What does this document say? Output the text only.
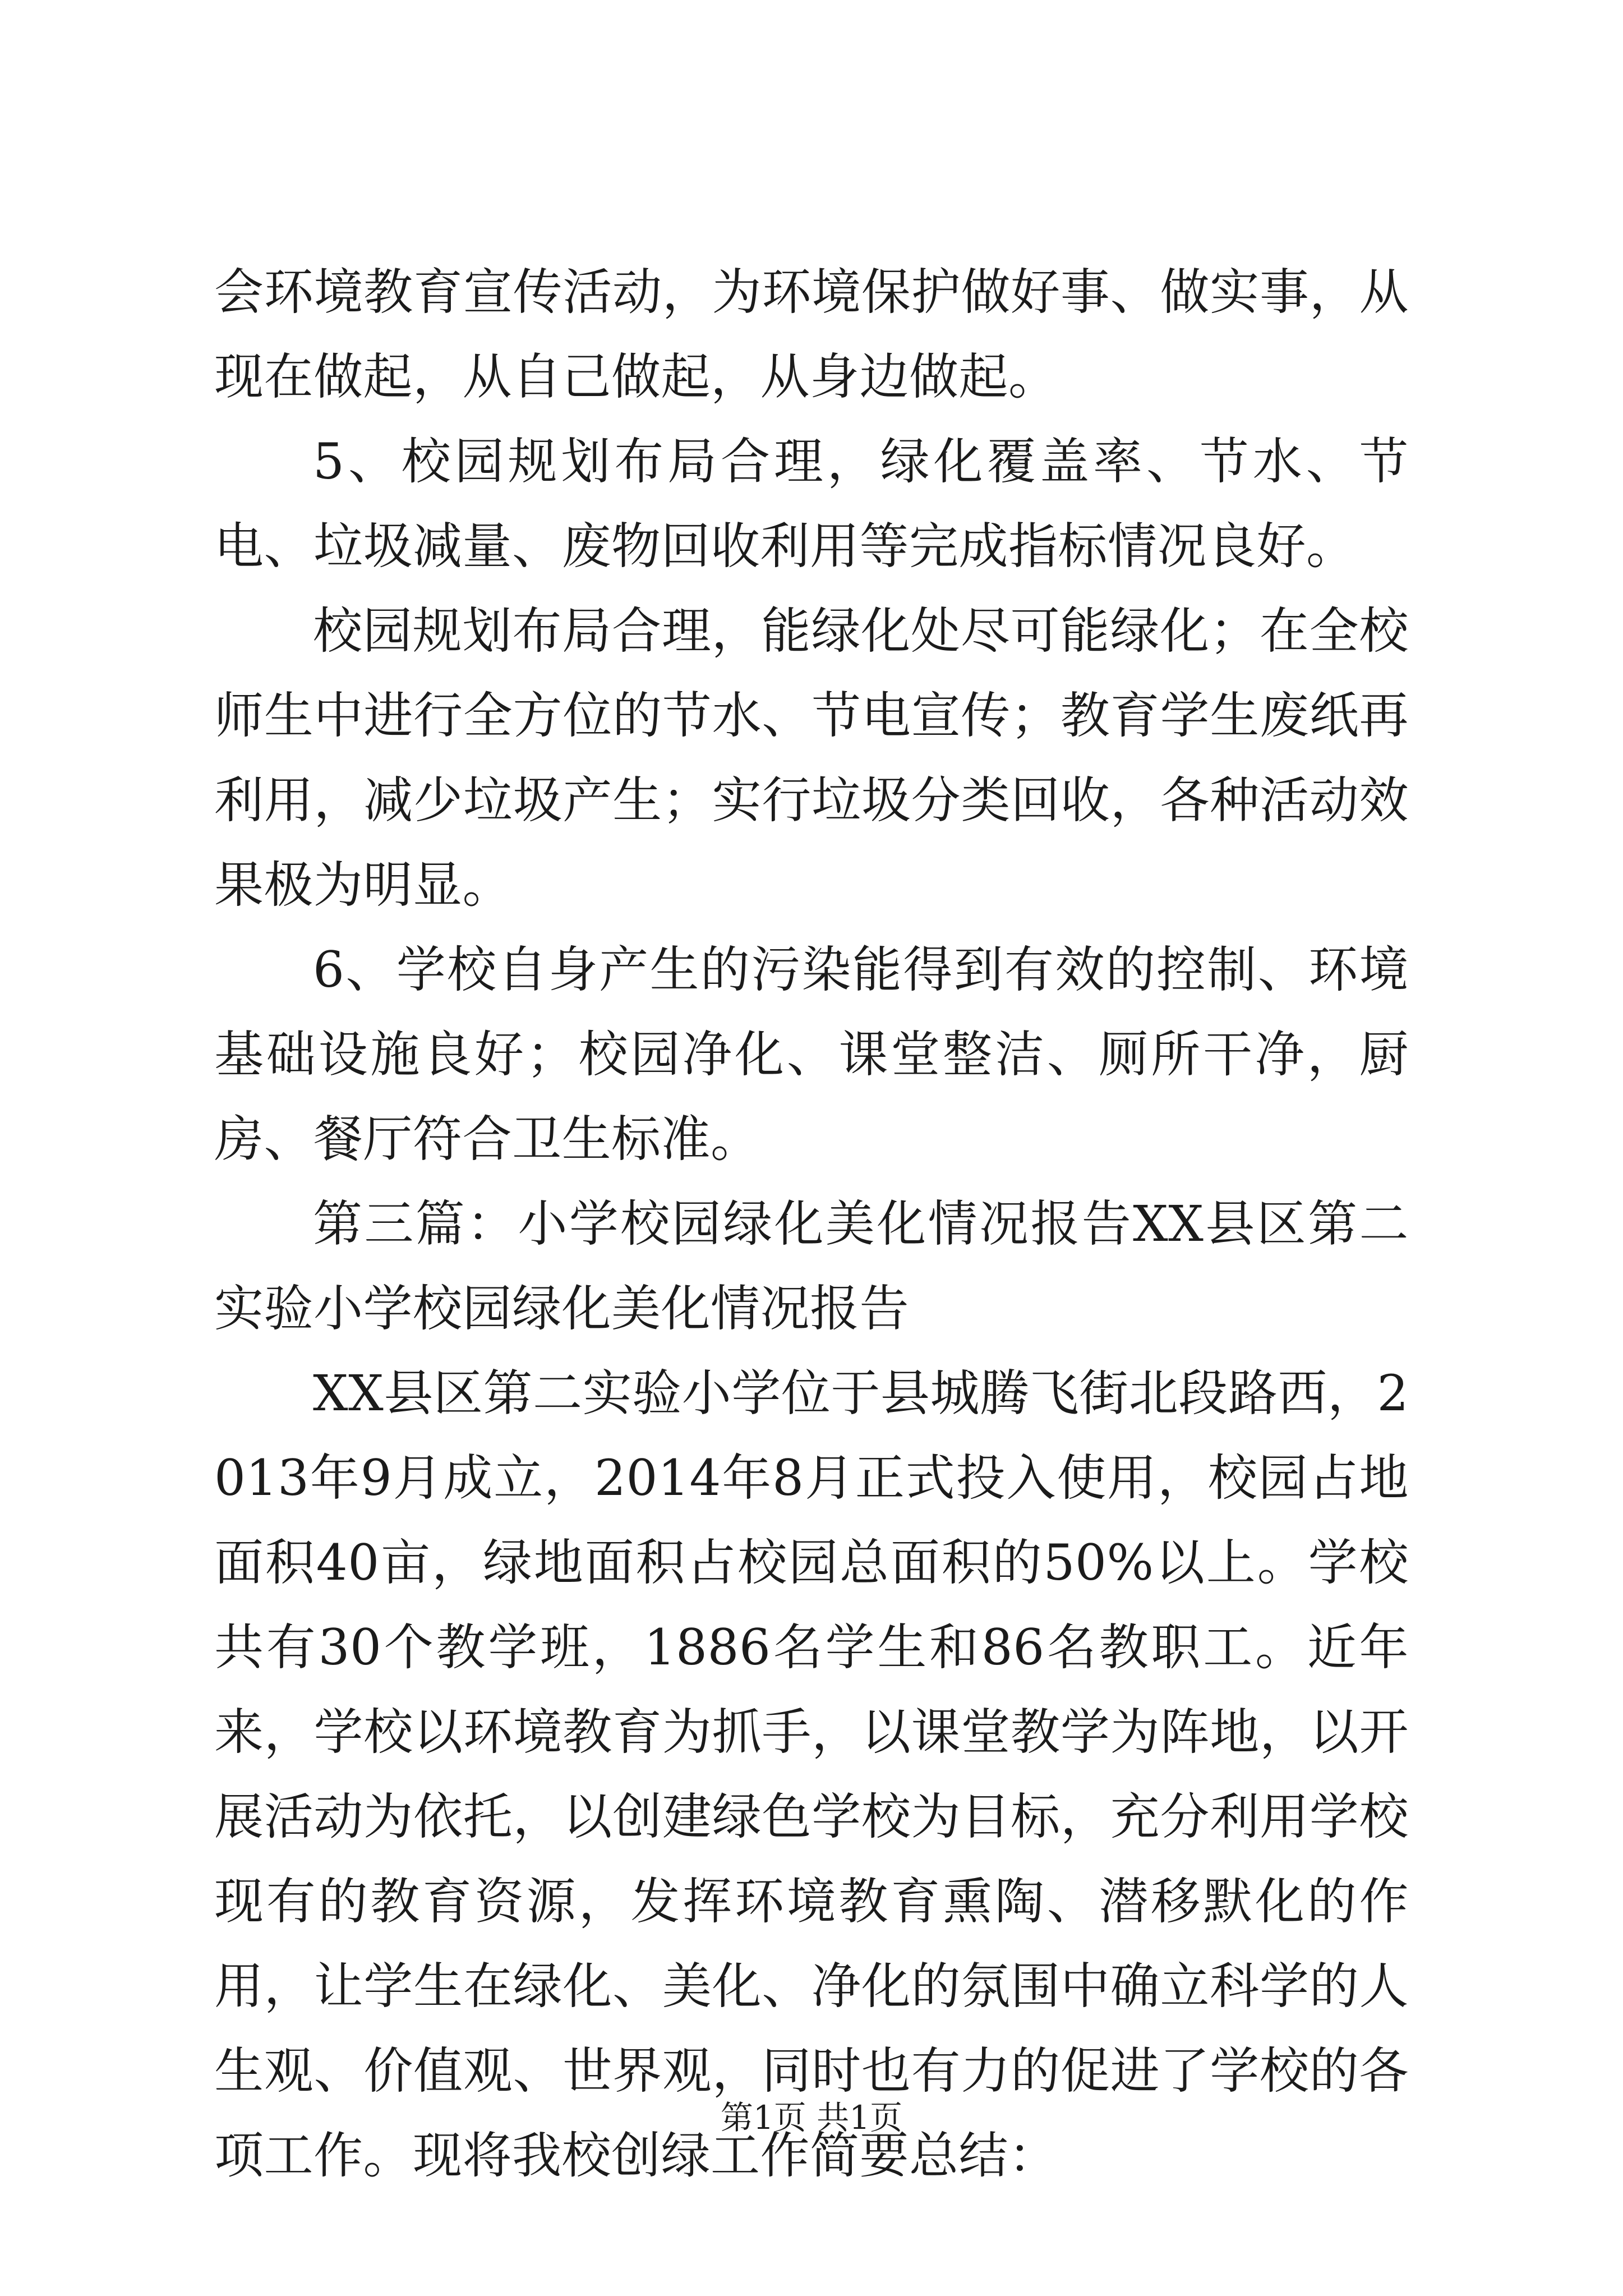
会环境教育宣传活动，为环境保护做好事、做实事，从现在做起，从自己做起，从身边做起。

5、校园规划布局合理，绿化覆盖率、节水、节电、垃圾减量、废物回收利用等完成指标情况良好。

校园规划布局合理，能绿化处尽可能绿化；在全校师生中进行全方位的节水、节电宣传；教育学生废纸再利用，减少垃圾产生；实行垃圾分类回收，各种活动效果极为明显。

6、学校自身产生的污染能得到有效的控制、环境基础设施良好；校园净化、课堂整洁、厕所干净，厨房、餐厅符合卫生标准。

第三篇：小学校园绿化美化情况报告XX县区第二实验小学校园绿化美化情况报告

XX县区第二实验小学位于县城腾飞街北段路西，2013年9月成立，2014年8月正式投入使用，校园占地面积40亩，绿地面积占校园总面积的50%以上。学校共有30个教学班，1886名学生和86名教职工。近年来，学校以环境教育为抓手，以课堂教学为阵地，以开展活动为依托，以创建绿色学校为目标，充分利用学校现有的教育资源，发挥环境教育熏陶、潜移默化的作用，让学生在绿化、美化、净化的氛围中确立科学的人生观、价值观、世界观，同时也有力的促进了学校的各项工作。现将我校创绿工作简要总结：

第1页 共1页
